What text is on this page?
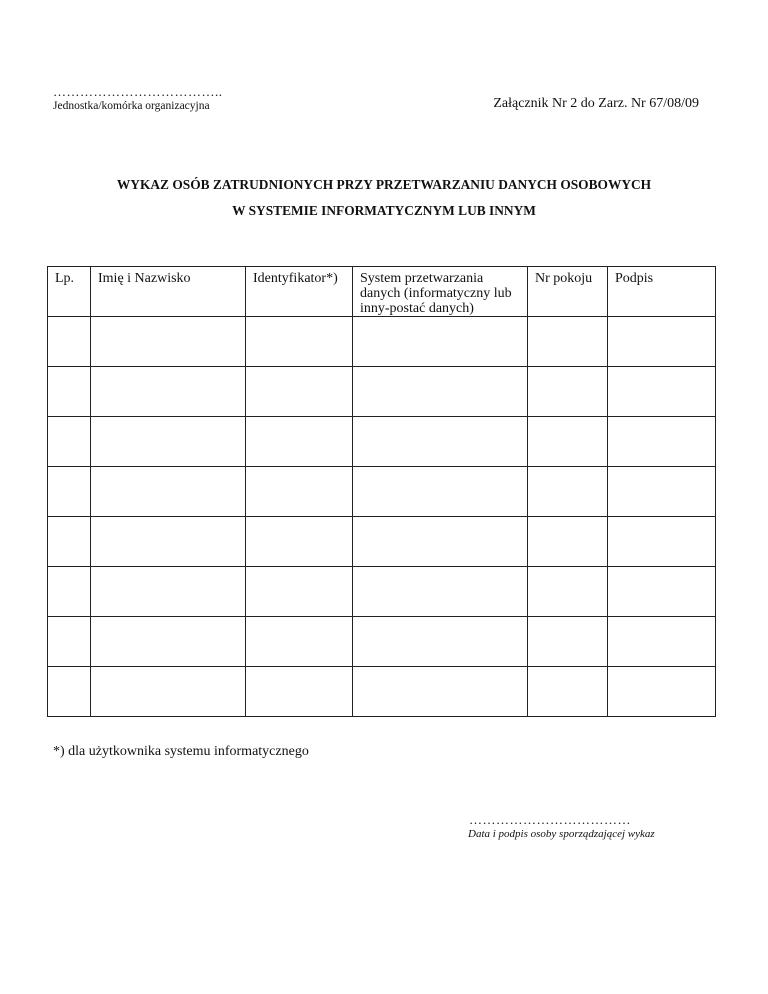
………………………………..
Jednostka/komórka organizacyjna	Załącznik Nr 2 do Zarz. Nr 67/08/09
WYKAZ OSÓB ZATRUDNIONYCH PRZY PRZETWARZANIU DANYCH OSOBOWYCH
W SYSTEMIE INFORMATYCZNYM LUB INNYM
Lp.	Imię i Nazwisko	Identyfikator*)	System przetwarzania danych (informatyczny lub inny-postać danych)	Nr pokoju	Podpis

*) dla użytkownika systemu informatycznego
………………………………
Data i podpis osoby sporządzającej wykaz
